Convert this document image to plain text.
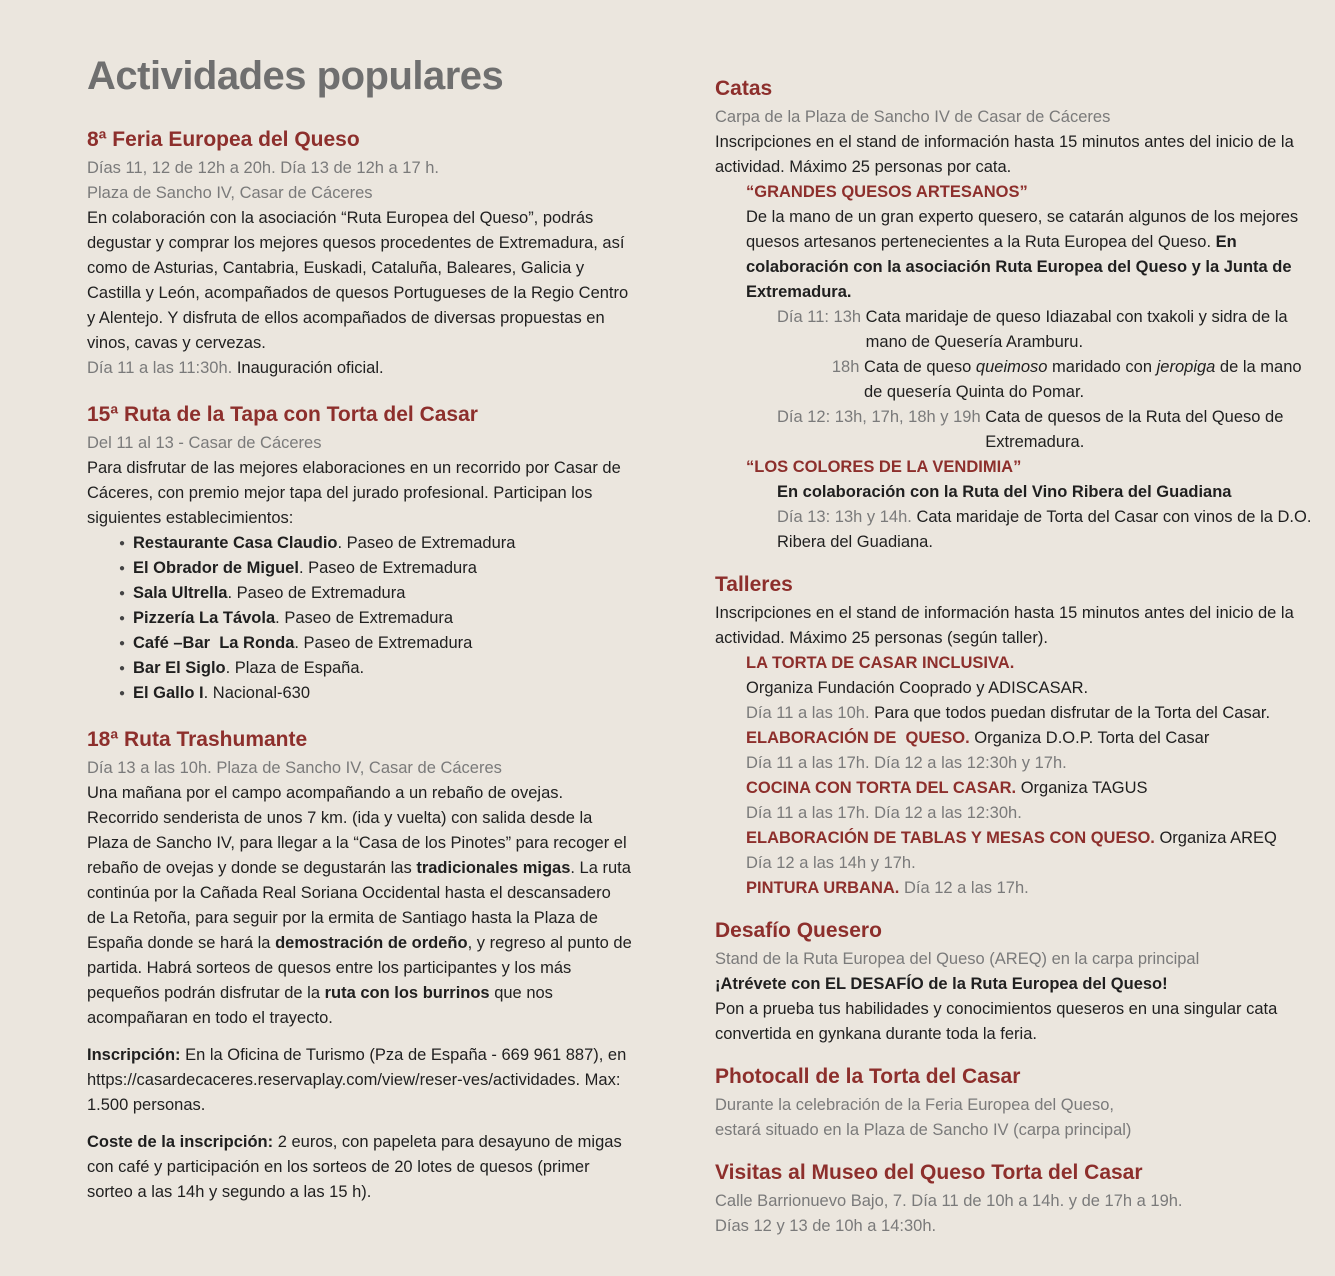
Actividades populares
8ª Feria Europea del Queso

Días 11, 12 de 12h a 20h. Día 13 de 12h a 17 h.

Plaza de Sancho IV, Casar de Cáceres

En colaboración con la asociación “Ruta Europea del Queso”, podrás degustar y comprar los mejores quesos procedentes de Extremadura, así como de Asturias, Cantabria, Euskadi, Cataluña, Baleares, Galicia y Castilla y León, acompañados de quesos Portugueses de la Regio Centro y Alentejo. Y disfruta de ellos acompañados de diversas propuestas en vinos, cavas y cervezas.

Día 11 a las 11:30h. Inauguración oficial.

15ª Ruta de la Tapa con Torta del Casar

Del 11 al 13 - Casar de Cáceres

Para disfrutar de las mejores elaboraciones en un recorrido por Casar de Cáceres, con premio mejor tapa del jurado profesional. Participan los siguientes establecimientos:

● Restaurante Casa Claudio. Paseo de Extremadura
● El Obrador de Miguel. Paseo de Extremadura
● Sala Ultrella. Paseo de Extremadura
● Pizzería La Távola. Paseo de Extremadura
● Café –Bar  La Ronda. Paseo de Extremadura
● Bar El Siglo. Plaza de España.
● El Gallo I. Nacional-630
18ª Ruta Trashumante

Día 13 a las 10h. Plaza de Sancho IV, Casar de Cáceres

Una mañana por el campo acompañando a un rebaño de ovejas. Recorrido senderista de unos 7 km. (ida y vuelta) con salida desde la Plaza de Sancho IV, para llegar a la “Casa de los Pinotes” para recoger el rebaño de ovejas y donde se degustarán las tradicionales migas. La ruta continúa por la Cañada Real Soriana Occidental hasta el descansadero de La Retoña, para seguir por la ermita de Santiago hasta la Plaza de España donde se hará la demostración de ordeño, y regreso al punto de partida. Habrá sorteos de quesos entre los participantes y los más pequeños podrán disfrutar de la ruta con los burrinos que nos acompañaran en todo el trayecto.

Inscripción: En la Oficina de Turismo (Pza de España - 669 961 887), en https://casardecaceres.reservaplay.com/view/reser-ves/actividades. Max: 1.500 personas.

Coste de la inscripción: 2 euros, con papeleta para desayuno de migas con café y participación en los sorteos de 20 lotes de quesos (primer sorteo a las 14h y segundo a las 15 h).

Catas

Carpa de la Plaza de Sancho IV de Casar de Cáceres

Inscripciones en el stand de información hasta 15 minutos antes del inicio de la actividad. Máximo 25 personas por cata.

“GRANDES QUESOS ARTESANOS”

De la mano de un gran experto quesero, se catarán algunos de los mejores quesos artesanos pertenecientes a la Ruta Europea del Queso. En colaboración con la asociación Ruta Europea del Queso y la Junta de Extremadura.

Día 11: 13h Cata maridaje de queso Idiazabal con txakoli y sidra de la mano de Quesería Aramburu.
18h Cata de queso queimoso maridado con jeropiga de la mano de quesería Quinta do Pomar.
Día 12: 13h, 17h, 18h y 19h Cata de quesos de la Ruta del Queso de Extremadura.

“LOS COLORES DE LA VENDIMIA”

En colaboración con la Ruta del Vino Ribera del Guadiana

Día 13: 13h y 14h. Cata maridaje de Torta del Casar con vinos de la D.O. Ribera del Guadiana.

Talleres

Inscripciones en el stand de información hasta 15 minutos antes del inicio de la actividad. Máximo 25 personas (según taller).

LA TORTA DE CASAR INCLUSIVA.

Organiza Fundación Cooprado y ADISCASAR.

Día 11 a las 10h. Para que todos puedan disfrutar de la Torta del Casar.

ELABORACIÓN DE  QUESO. Organiza D.O.P. Torta del Casar

Día 11 a las 17h. Día 12 a las 12:30h y 17h.

COCINA CON TORTA DEL CASAR. Organiza TAGUS

Día 11 a las 17h. Día 12 a las 12:30h.

ELABORACIÓN DE TABLAS Y MESAS CON QUESO. Organiza AREQ

Día 12 a las 14h y 17h.

PINTURA URBANA. Día 12 a las 17h.

Desafío Quesero

Stand de la Ruta Europea del Queso (AREQ) en la carpa principal

¡Atrévete con EL DESAFÍO de la Ruta Europea del Queso!

Pon a prueba tus habilidades y conocimientos queseros en una singular cata convertida en gynkana durante toda la feria.

Photocall de la Torta del Casar

Durante la celebración de la Feria Europea del Queso,

estará situado en la Plaza de Sancho IV (carpa principal)

Visitas al Museo del Queso Torta del Casar

Calle Barrionuevo Bajo, 7. Día 11 de 10h a 14h. y de 17h a 19h.

Días 12 y 13 de 10h a 14:30h.
